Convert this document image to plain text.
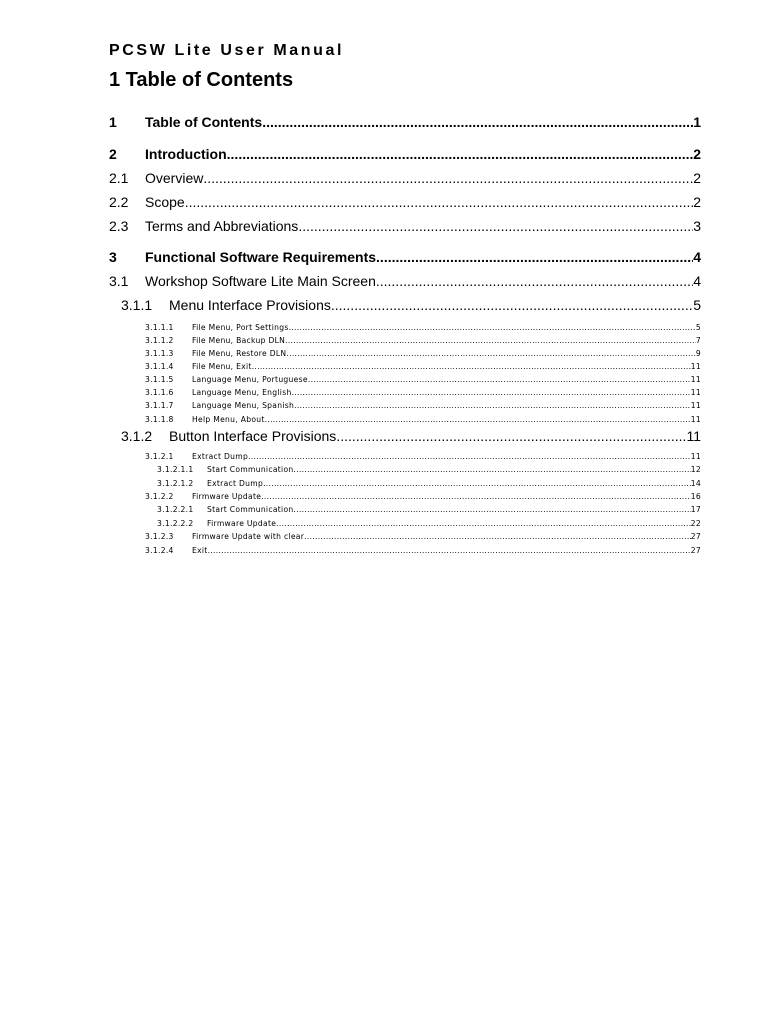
PCSW Lite User Manual
1 Table of Contents
1	Table of Contents .....	1
2	Introduction .....	2
2.1	Overview .....	2
2.2	Scope .....	2
2.3	Terms and Abbreviations .....	3
3	Functional Software Requirements .....	4
3.1	Workshop Software Lite Main Screen .....	4
3.1.1	Menu Interface Provisions .....	5
3.1.1.1	File Menu, Port Settings .....	5
3.1.1.2	File Menu, Backup DLN .....	7
3.1.1.3	File Menu, Restore DLN .....	9
3.1.1.4	File Menu, Exit .....	11
3.1.1.5	Language Menu, Portuguese .....	11
3.1.1.6	Language Menu, English .....	11
3.1.1.7	Language Menu, Spanish .....	11
3.1.1.8	Help Menu, About .....	11
3.1.2	Button Interface Provisions .....	11
3.1.2.1	Extract Dump .....	11
3.1.2.1.1	Start Communication .....	12
3.1.2.1.2	Extract Dump .....	14
3.1.2.2	Firmware Update .....	16
3.1.2.2.1	Start Communication .....	17
3.1.2.2.2	Firmware Update .....	22
3.1.2.3	Firmware Update with clear .....	27
3.1.2.4	Exit .....	27
